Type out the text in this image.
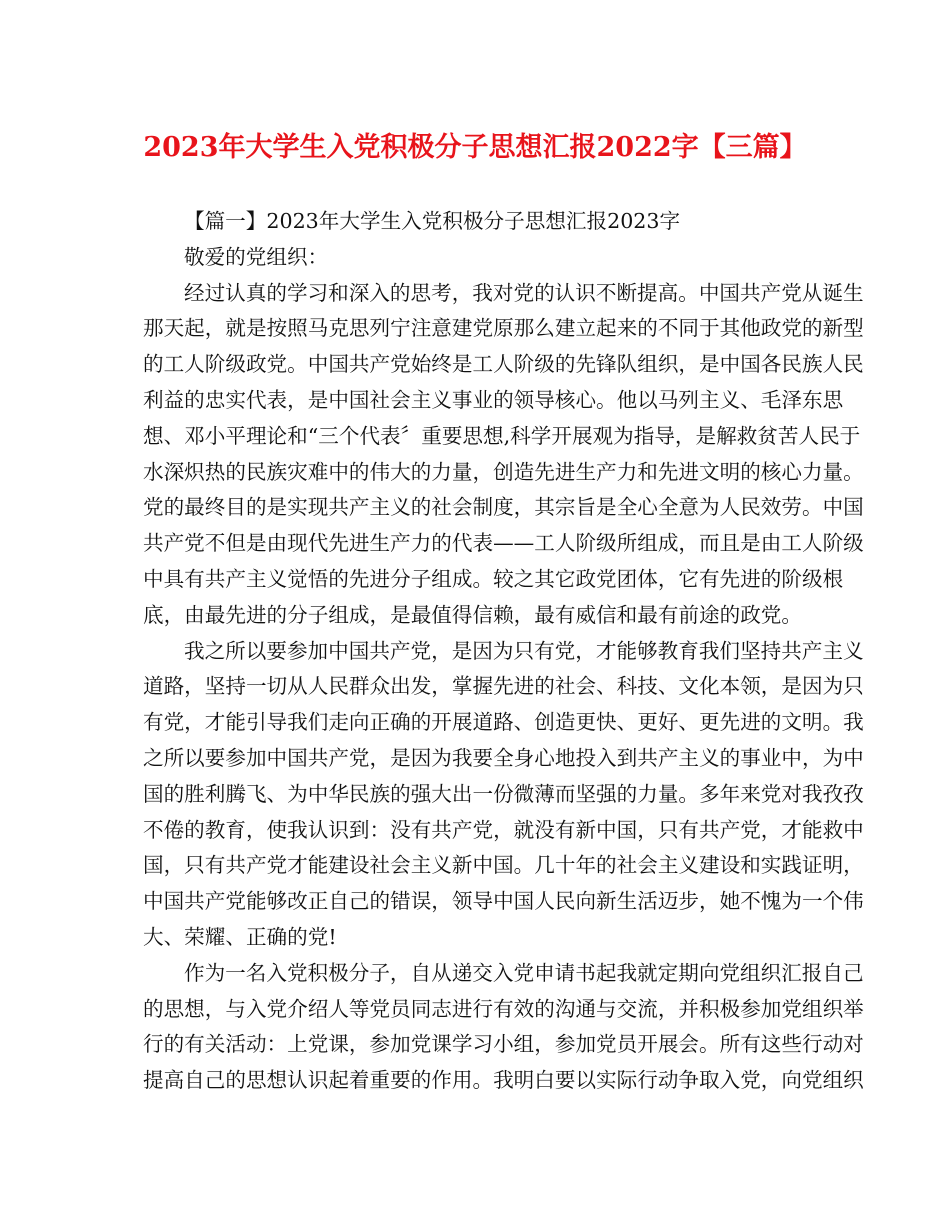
2023年大学生入党积极分子思想汇报2022字【三篇】
【篇一】2023年大学生入党积极分子思想汇报2023字
敬爱的党组织：
经过认真的学习和深入的思考，我对党的认识不断提高。中国共产党从诞生
那天起，就是按照马克思列宁注意建党原那么建立起来的不同于其他政党的新型
的工人阶级政党。中国共产党始终是工人阶级的先锋队组织，是中国各民族人民
利益的忠实代表，是中国社会主义事业的领导核心。他以马列主义、毛泽东思
想、邓小平理论和“三个代表〞重要思想,科学开展观为指导，是解救贫苦人民于
水深炽热的民族灾难中的伟大的力量，创造先进生产力和先进文明的核心力量。
党的最终目的是实现共产主义的社会制度，其宗旨是全心全意为人民效劳。中国
共产党不但是由现代先进生产力的代表——工人阶级所组成，而且是由工人阶级
中具有共产主义觉悟的先进分子组成。较之其它政党团体，它有先进的阶级根
底，由最先进的分子组成，是最值得信赖，最有威信和最有前途的政党。
我之所以要参加中国共产党，是因为只有党，才能够教育我们坚持共产主义
道路，坚持一切从人民群众出发，掌握先进的社会、科技、文化本领，是因为只
有党，才能引导我们走向正确的开展道路、创造更快、更好、更先进的文明。我
之所以要参加中国共产党，是因为我要全身心地投入到共产主义的事业中，为中
国的胜利腾飞、为中华民族的强大出一份微薄而坚强的力量。多年来党对我孜孜
不倦的教育，使我认识到：没有共产党，就没有新中国，只有共产党，才能救中
国，只有共产党才能建设社会主义新中国。几十年的社会主义建设和实践证明，
中国共产党能够改正自己的错误，领导中国人民向新生活迈步，她不愧为一个伟
大、荣耀、正确的党!
作为一名入党积极分子，自从递交入党申请书起我就定期向党组织汇报自己
的思想，与入党介绍人等党员同志进行有效的沟通与交流，并积极参加党组织举
行的有关活动：上党课，参加党课学习小组，参加党员开展会。所有这些行动对
提高自己的思想认识起着重要的作用。我明白要以实际行动争取入党，向党组织
